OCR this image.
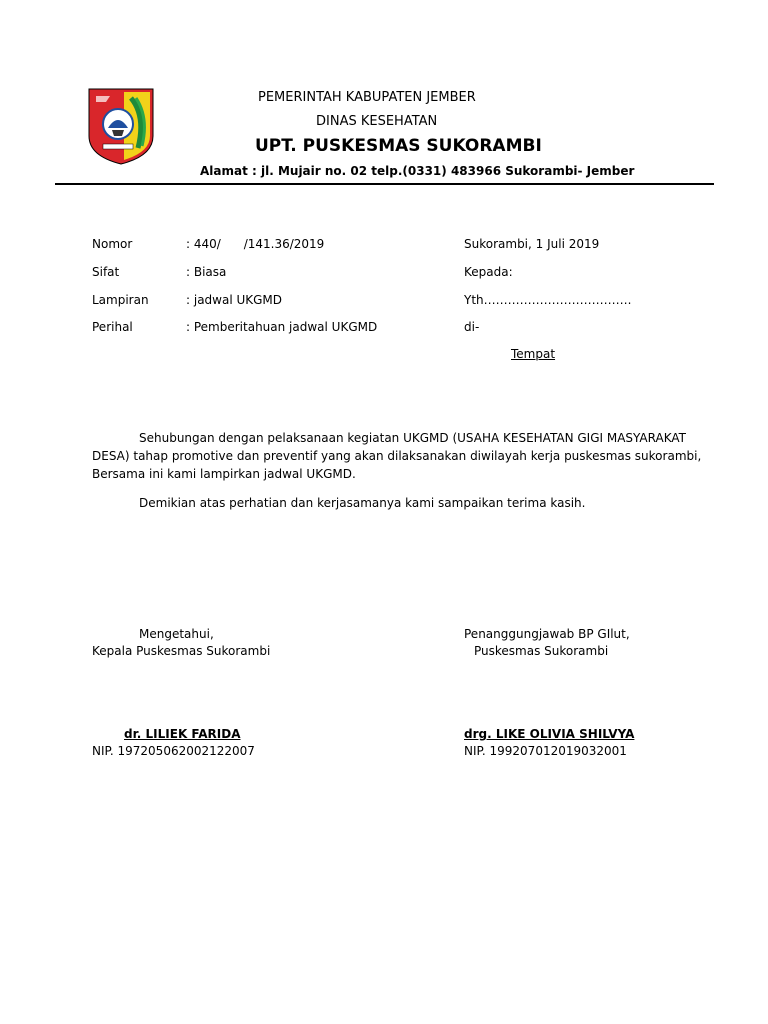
PEMERINTAH KABUPATEN JEMBER
DINAS KESEHATAN
UPT. PUSKESMAS SUKORAMBI
Alamat : jl. Mujair no. 02 telp.(0331) 483966 Sukorambi- Jember
Nomor	: 440/      /141.36/2019
Sifat	: Biasa
Lampiran	: jadwal UKGMD
Perihal	: Pemberitahuan jadwal UKGMD
Sukorambi, 1 Juli 2019
Kepada:
Yth……………………………….
di-
Tempat
Sehubungan dengan pelaksanaan kegiatan UKGMD (USAHA KESEHATAN GIGI MASYARAKAT
DESA) tahap promotive dan preventif yang akan dilaksanakan diwilayah kerja puskesmas sukorambi,
Bersama ini kami lampirkan jadwal UKGMD.
Demikian atas perhatian dan kerjasamanya kami sampaikan terima kasih.
Mengetahui,
Kepala Puskesmas Sukorambi
dr. LILIEK FARIDA
NIP. 197205062002122007
Penanggungjawab BP GIlut,
Puskesmas Sukorambi
drg. LIKE OLIVIA SHILVYA
NIP. 199207012019032001
